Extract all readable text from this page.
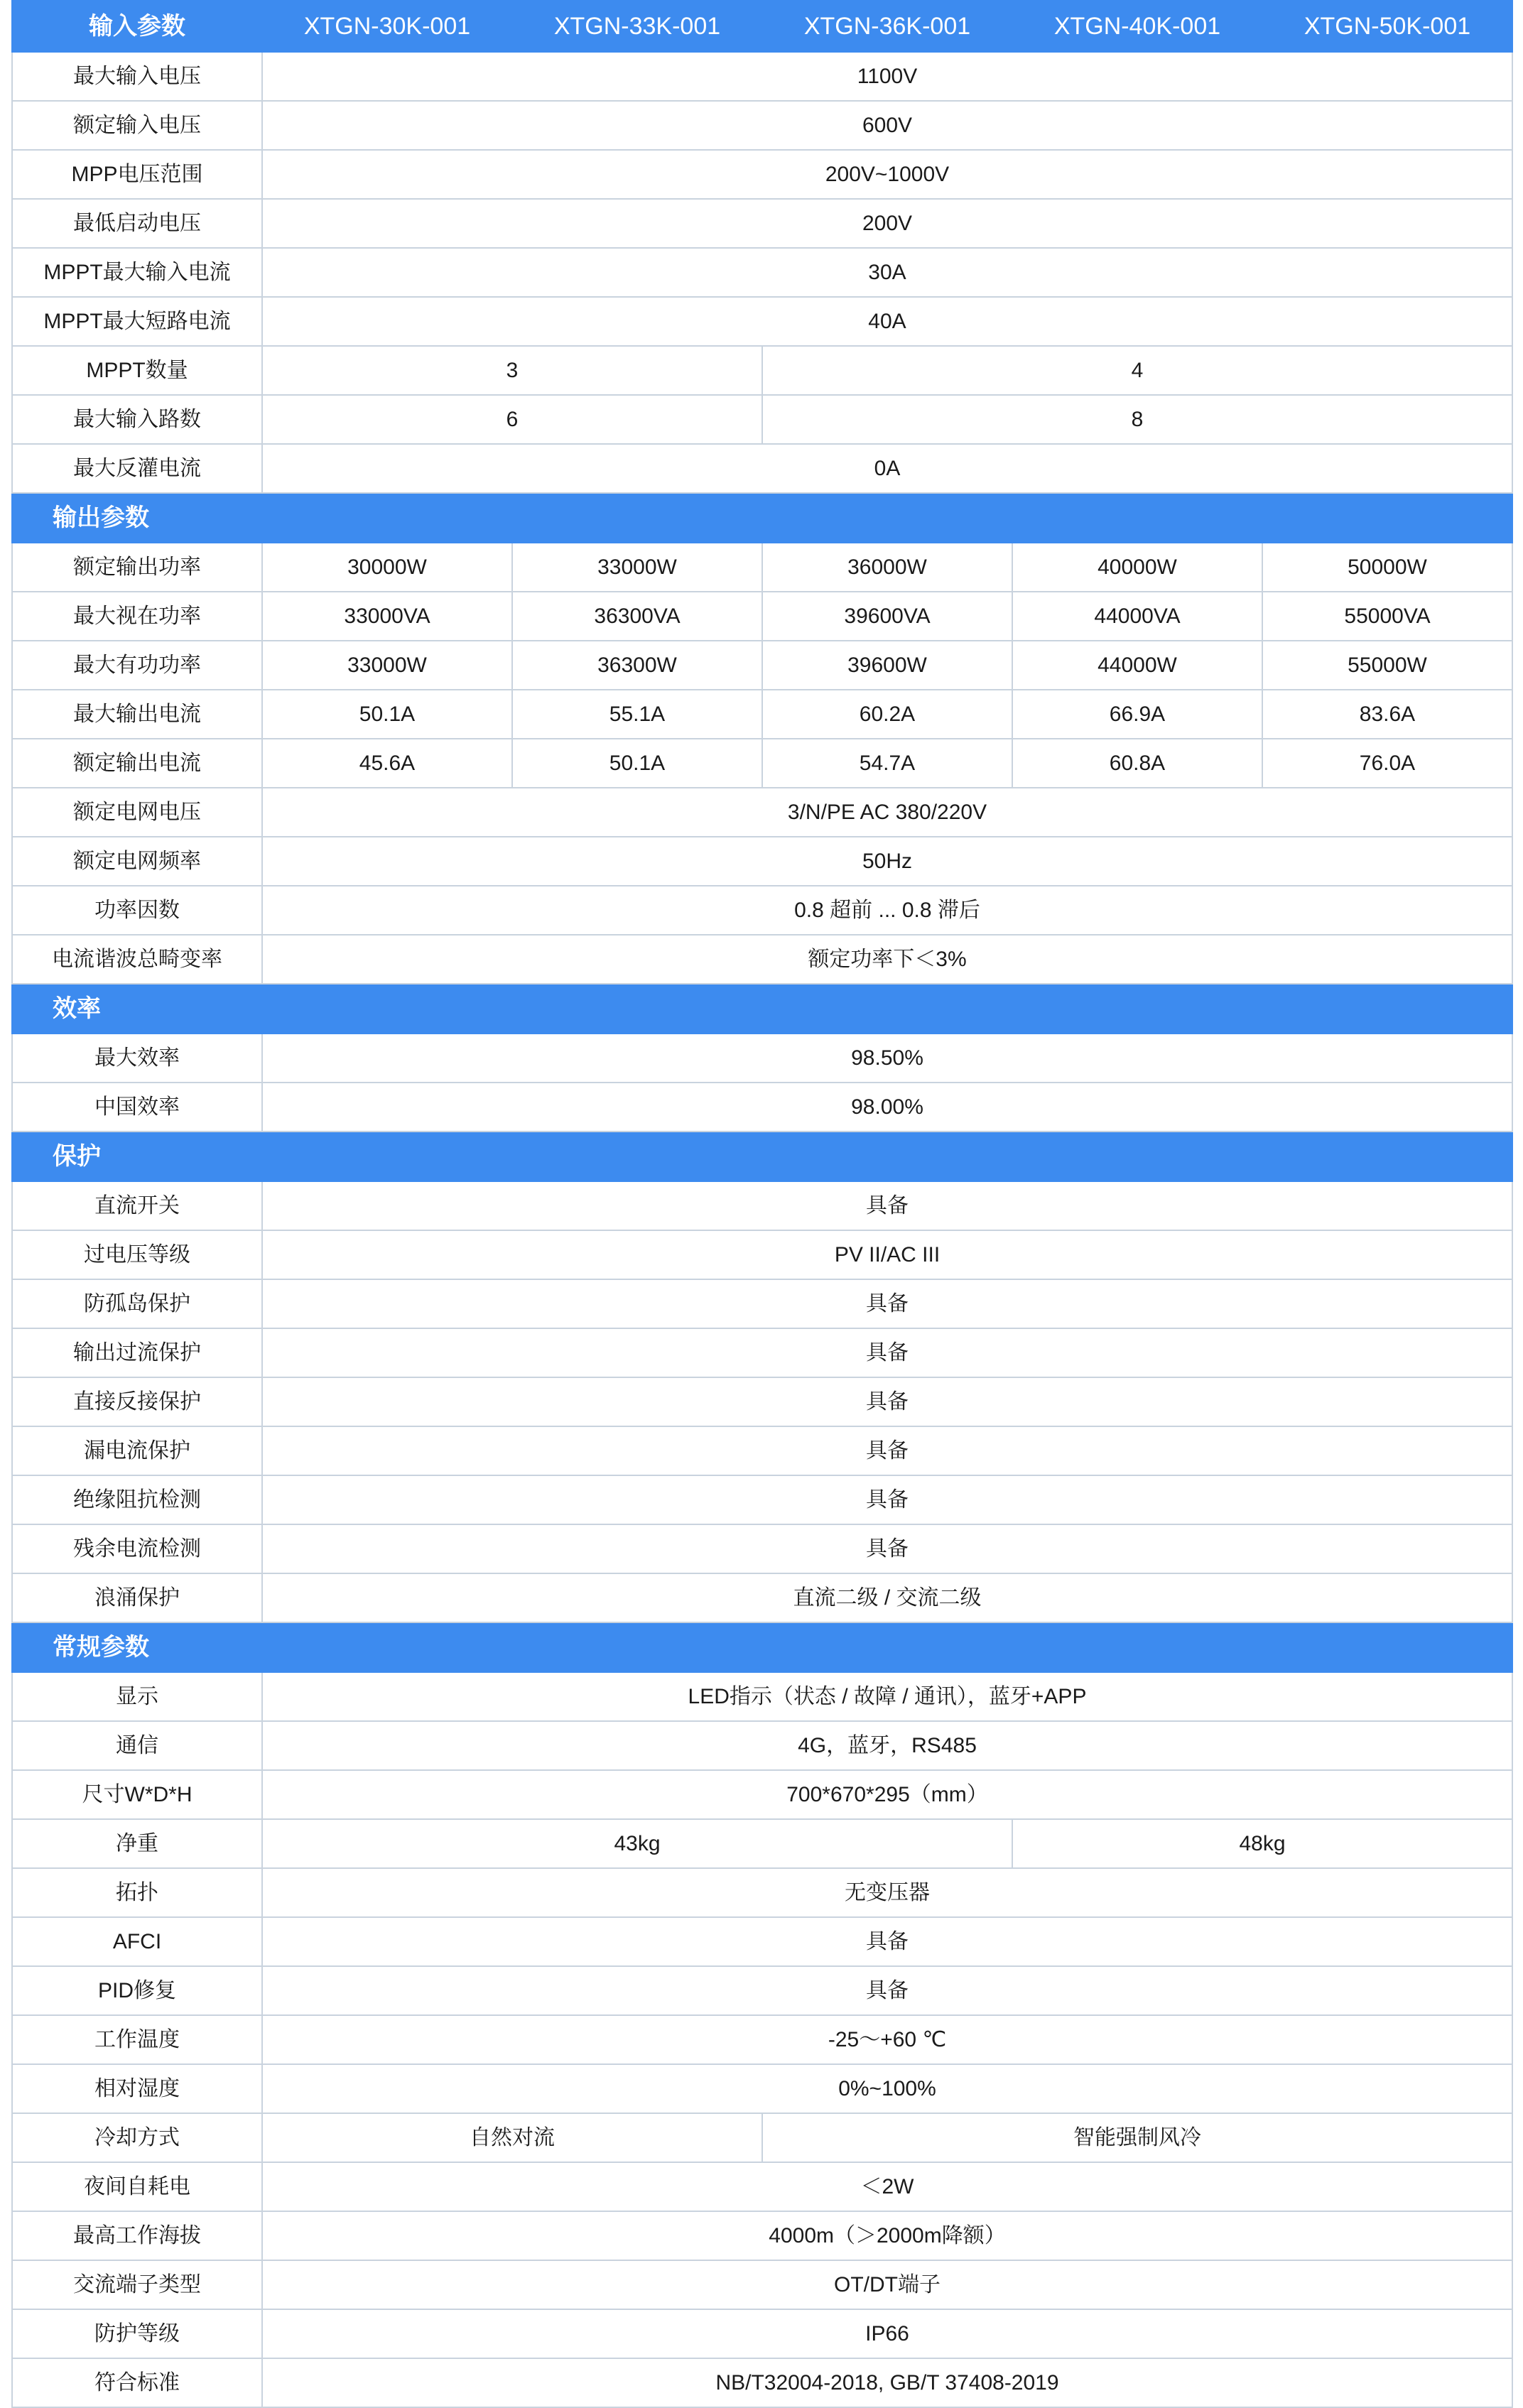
输入参数	XTGN-30K-001	XTGN-33K-001	XTGN-36K-001	XTGN-40K-001	XTGN-50K-001
最大输入电压	1100V				
额定输入电压	600V				
MPP电压范围	200V~1000V				
最低启动电压	200V				
MPPT最大输入电流	30A				
MPPT最大短路电流	40A				
MPPT数量	3		4		
最大输入路数	6		8		
最大反灌电流	0A				
输出参数					
额定输出功率	30000W	33000W	36000W	40000W	50000W
最大视在功率	33000VA	36300VA	39600VA	44000VA	55000VA
最大有功功率	33000W	36300W	39600W	44000W	55000W
最大输出电流	50.1A	55.1A	60.2A	66.9A	83.6A
额定输出电流	45.6A	50.1A	54.7A	60.8A	76.0A
额定电网电压	3/N/PE AC 380/220V				
额定电网频率	50Hz				
功率因数	0.8 超前 ... 0.8 滞后				
电流谐波总畸变率	额定功率下＜3%				
效率					
最大效率	98.50%				
中国效率	98.00%				
保护					
直流开关	具备				
过电压等级	PV II/AC III				
防孤岛保护	具备				
输出过流保护	具备				
直接反接保护	具备				
漏电流保护	具备				
绝缘阻抗检测	具备				
残余电流检测	具备				
浪涌保护	直流二级 / 交流二级				
常规参数					
显示	LED指示（状态 / 故障 / 通讯），蓝牙+APP				
通信	4G，蓝牙，RS485				
尺寸W*D*H	700*670*295（mm）				
净重	43kg			48kg	
拓扑	无变压器				
AFCI	具备				
PID修复	具备				
工作温度	-25～+60 ℃				
相对湿度	0%~100%				
冷却方式	自然对流		智能强制风冷		
夜间自耗电	＜2W				
最高工作海拔	4000m（＞2000m降额）				
交流端子类型	OT/DT端子				
防护等级	IP66				
符合标准	NB/T32004-2018, GB/T 37408-2019				
